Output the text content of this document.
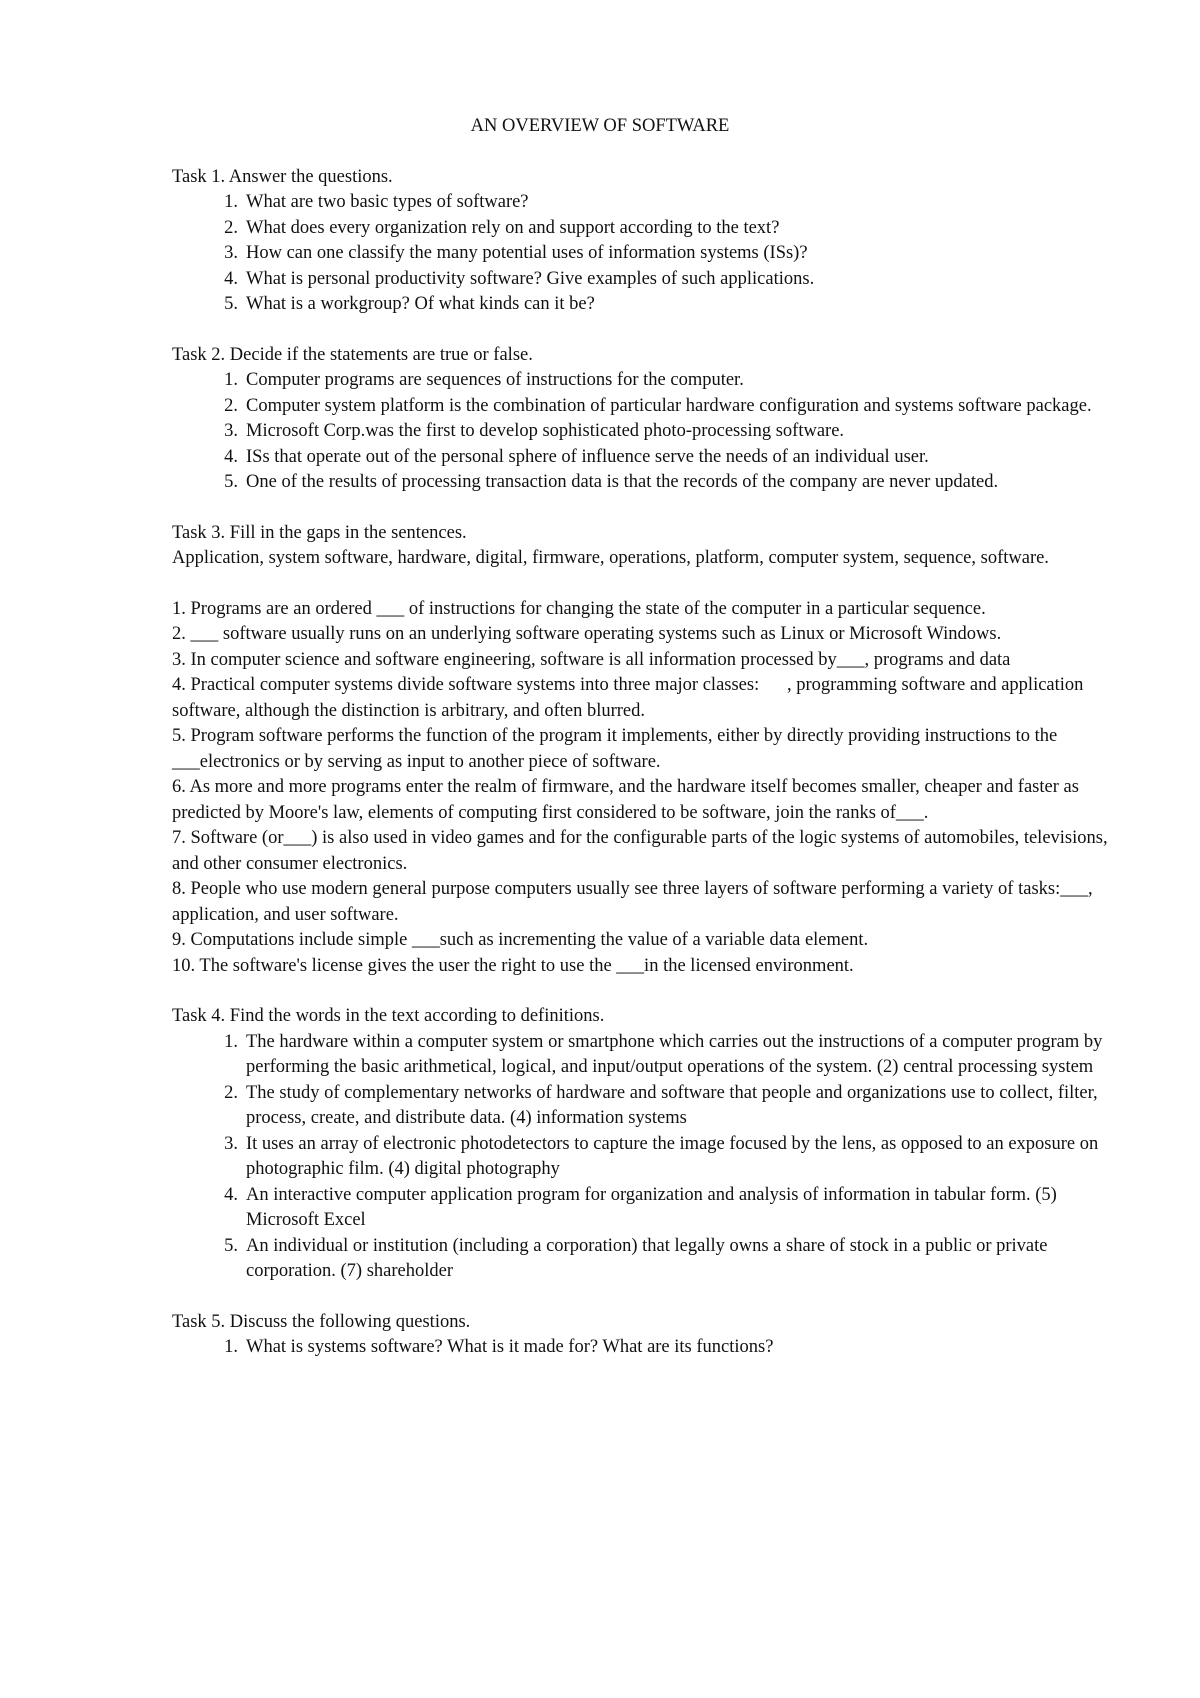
AN OVERVIEW OF SOFTWARE

Task 1. Answer the questions.

1. What are two basic types of software?
2. What does every organization rely on and support according to the text?
3. How can one classify the many potential uses of information systems (ISs)?
4. What is personal productivity software? Give examples of such applications.
5. What is a workgroup? Of what kinds can it be?

Task 2. Decide if the statements are true or false.

1. Computer programs are sequences of instructions for the computer.
2. Computer system platform is the combination of particular hardware configuration and systems software package.
3. Microsoft Corp.was the first to develop sophisticated photo-processing software.
4. ISs that operate out of the personal sphere of influence serve the needs of an individual user.
5. One of the results of processing transaction data is that the records of the company are never updated.

Task 3. Fill in the gaps in the sentences.

Application, system software, hardware, digital, firmware, operations, platform, computer system, sequence, software.

1. Programs are an ordered ___ of instructions for changing the state of the computer in a particular sequence.

2. ___ software usually runs on an underlying software operating systems such as Linux or Microsoft Windows.

3. In computer science and software engineering, software is all information processed by___, programs and data

4. Practical computer systems divide software systems into three major classes:      , programming software and application software, although the distinction is arbitrary, and often blurred.

5. Program software performs the function of the program it implements, either by directly providing instructions to the ___electronics or by serving as input to another piece of software.

6. As more and more programs enter the realm of firmware, and the hardware itself becomes smaller, cheaper and faster as predicted by Moore's law, elements of computing first considered to be software, join the ranks of___.

7. Software (or___) is also used in video games and for the configurable parts of the logic systems of automobiles, televisions, and other consumer electronics.

8. People who use modern general purpose computers usually see three layers of software performing a variety of tasks:___, application, and user software.

9. Computations include simple ___such as incrementing the value of a variable data element.

10. The software's license gives the user the right to use the ___in the licensed environment.

Task 4. Find the words in the text according to definitions.

1. The hardware within a computer system or smartphone which carries out the instructions of a computer program by performing the basic arithmetical, logical, and input/output operations of the system. (2) central processing system
2. The study of complementary networks of hardware and software that people and organizations use to collect, filter, process, create, and distribute data. (4) information systems
3. It uses an array of electronic photodetectors to capture the image focused by the lens, as opposed to an exposure on photographic film. (4) digital photography
4. An interactive computer application program for organization and analysis of information in tabular form. (5) Microsoft Excel
5. An individual or institution (including a corporation) that legally owns a share of stock in a public or private corporation. (7) shareholder

Task 5. Discuss the following questions.

1. What is systems software? What is it made for? What are its functions?
